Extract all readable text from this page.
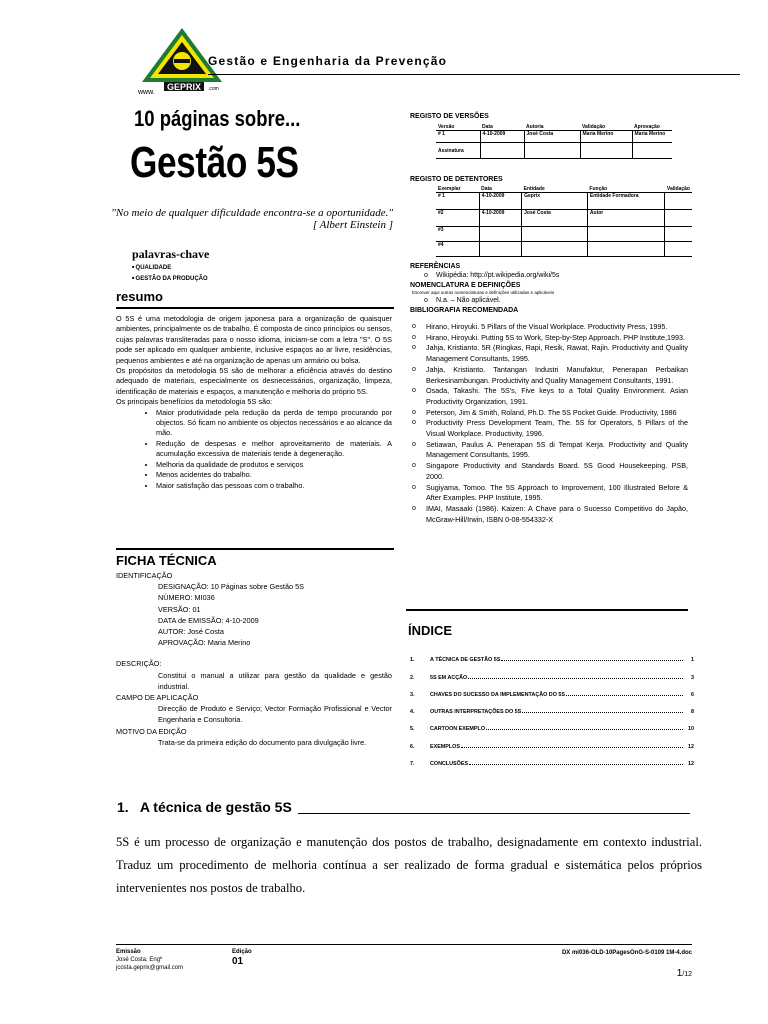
GEPRIX .com
www.
Gestão e Engenharia da Prevenção
10 páginas sobre...
Gestão 5S
"No meio de qualquer dificuldade encontra-se a oportunidade."
[ Albert Einstein ]
palavras-chave
■ QUALIDADE
■ GESTÃO DA PRODUÇÃO
resumo

O 5S é uma metodologia de origem japonesa para a organização de quaisquer ambientes, principalmente os de trabalho. É composta de cinco princípios ou sensos, cujas palavras transliteradas para o nosso idioma, iniciam-se com a letra "S". O 5S pode ser aplicado em qualquer ambiente, inclusive espaços ao ar livre, residências, pequenos ambientes e até na organização de apenas um armário ou bolsa.

Os propósitos da metodologia 5S são de melhorar a eficiência através do destino adequado de materiais, especialmente os desnecessários, organização, limpeza, identificação de materiais e espaços, a manutenção e melhoria do próprio 5S.

Os principais benefícios da metodologia 5S são:

• Maior produtividade pela redução da perda de tempo procurando por objectos. Só ficam no ambiente os objectos necessários e ao alcance da mão.
• Redução de despesas e melhor aproveitamento de materiais. A acumulação excessiva de materiais tende à degeneração.
• Melhoria da qualidade de produtos e serviços
• Menos acidentes do trabalho.
• Maior satisfação das pessoas com o trabalho.
FICHA TÉCNICA
IDENTIFICAÇÃO
DESIGNAÇÃO: 10 Páginas sobre Gestão 5S
NÚMERO: MI036
VERSÃO: 01
DATA de EMISSÃO: 4-10-2009
AUTOR: José Costa
APROVAÇÃO: Maria Merino
DESCRIÇÃO:
Constitui o manual a utilizar para gestão da qualidade e gestão industrial.
CAMPO DE APLICAÇÃO
Direcção de Produto e Serviço; Vector Formação Profissional e Vector Engenharia e Consultoria.
MOTIVO DA EDIÇÃO
Trata-se da primeira edição do documento para divulgação livre.
REGISTO DE VERSÕES
Versão	Data	Autoria	Validação	Aprovação
# 1	4-10-2009	José Costa	Maria Merino	Maria Merino
Assinatura				
REGISTO DE DETENTORES
Exemplar	Data	Entidade	Função	Validação
# 1	4-10-2009	Geprix	Entidade Formadora	
#2	4-10-2009	José Costa	Autor	
#3				
#4				
REFERÊNCIAS
o Wikipédia: http://pt.wikipedia.org/wiki/5s
NOMENCLATURA E DEFINIÇÕES
Escrever aqui outras nomenclaturas e definições utilizadas e aplicáveis
o N.a. – Não aplicável.
BIBLIOGRAFIA RECOMENDADA
o Hirano, Hiroyuki. 5 Pillars of the Visual Workplace. Productivity Press, 1995.
o Hirano, Hiroyuki. Putting 5S to Work, Step-by-Step Approach. PHP Institute,1993.
o Jahja, Kristianto. 5R (Ringkas, Rapi, Resik, Rawat, Rajin. Productivity and Quality Management Consultants, 1995.
o Jahja, Kristianto. Tantangan Industri Manufaktur, Penerapan Perbaikan Berkesinambungan. Productivity and Quality Management Consultants, 1991.
o Osada, Takashi. The 5S's, Five keys to a Total Quality Environment. Asian Productivity Organization, 1991.
o Peterson, Jim & Smith, Roland, Ph.D. The 5S Pocket Guide. Productivity, 1986
o Productivity Press Development Team, The. 5S for Operators, 5 Pillars of the Visual Workplace. Productivity, 1996.
o Setiawan, Paulus A. Penerapan 5S di Tempat Kerja. Productivity and Quality Management Consultants, 1995.
o Singapore Productivity and Standards Board. 5S Good Housekeeping. PSB, 2000.
o Sugiyama, Tomoo. The 5S Approach to Improvement, 100 Illustrated Before & After Examples. PHP Institute, 1995.
o IMAI, Masaaki (1986). Kaizen: A Chave para o Sucesso Competitivo do Japão, McGraw-Hill/Irwin, ISBN 0-08-554332-X
ÍNDICE
1.	A TÉCNICA DE GESTÃO 5S	1
2.	5S EM ACÇÃO	3
3.	CHAVES DO SUCESSO DA IMPLEMENTAÇÃO DO 5S	6
4.	OUTRAS INTERPRETAÇÕES DO 5S	8
5.	CARTOON EXEMPLO	10
6.	EXEMPLOS	12
7.	CONCLUSÕES	12
1.   A técnica de gestão 5S
5S é um processo de organização e manutenção dos postos de trabalho, designadamente em contexto industrial. Traduz um procedimento de melhoria contínua a ser realizado de forma gradual e sistemática pelos próprios intervenientes nos postos de trabalho.
Emissão
José Costa, Engº
jcosta.geprix@gmail.com
Edição
01
DX mi036-OLD-10PagesOnG-S-0109 1M-4.doc
1/12
